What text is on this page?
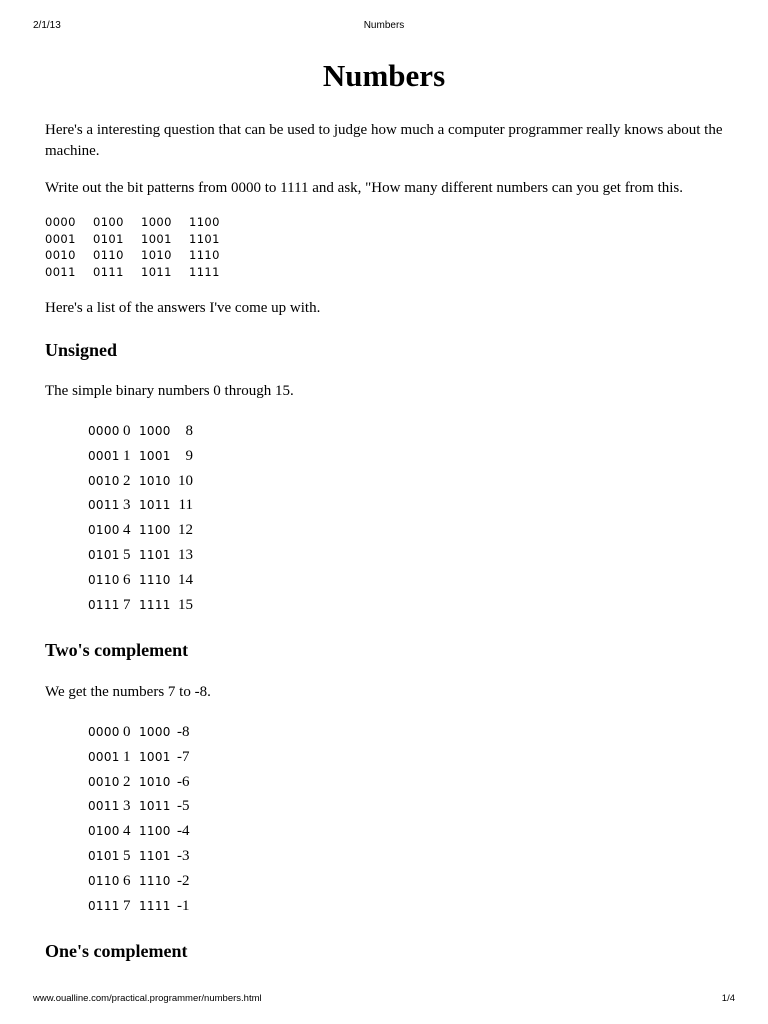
2/1/13	Numbers
Numbers

Here's a interesting question that can be used to judge how much a computer programmer really knows about the machine.

Write out the bit patterns from 0000 to 1111 and ask, "How many different numbers can you get from this.

0000 0100 1000 1100
0001 0101 1001 1101
0010 0110 1010 1110
0011 0111 1011 1111

Here's a list of the answers I've come up with.

Unsigned

The simple binary numbers 0 through 15.

0000 0 1000 8
0001 1 1001 9
0010 2 1010 10
0011 3 1011 11
0100 4 1100 12
0101 5 1101 13
0110 6 1110 14
0111 7 1111 15
Two's complement

We get the numbers 7 to -8.

0000 0 1000 -8
0001 1 1001 -7
0010 2 1010 -6
0011 3 1011 -5
0100 4 1100 -4
0101 5 1101 -3
0110 6 1110 -2
0111 7 1111 -1
One's complement
www.oualline.com/practical.programmer/numbers.html	1/4
